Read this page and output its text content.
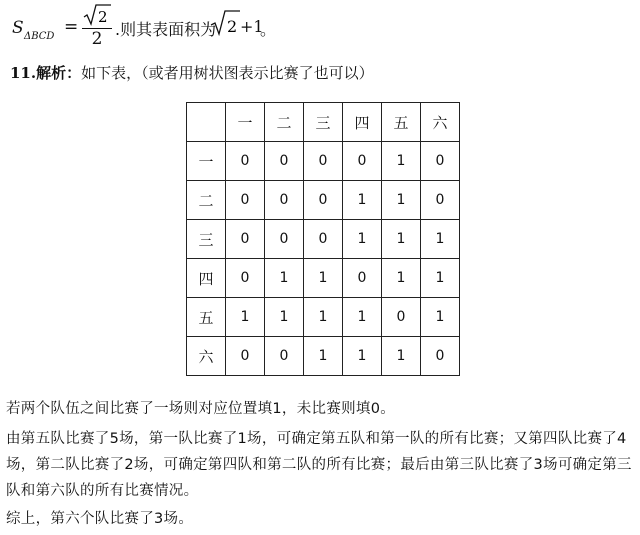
S ΔBCD = 2
2 .则其表面积为 2 +1
。
11.解析：如下表，（或者用树状图表示比赛了也可以）
	一	二	三	四	五	六
一	0	0	0	0	1	0
二	0	0	0	1	1	0
三	0	0	0	1	1	1
四	0	1	1	0	1	1
五	1	1	1	1	0	1
六	0	0	1	1	1	0
若两个队伍之间比赛了一场则对应位置填1，未比赛则填0。
由第五队比赛了5场，第一队比赛了1场，可确定第五队和第一队的所有比赛；又第四队比赛了4场，第二队比赛了2场，可确定第四队和第二队的所有比赛；最后由第三队比赛了3场可确定第三队和第六队的所有比赛情况。
综上，第六个队比赛了3场。
